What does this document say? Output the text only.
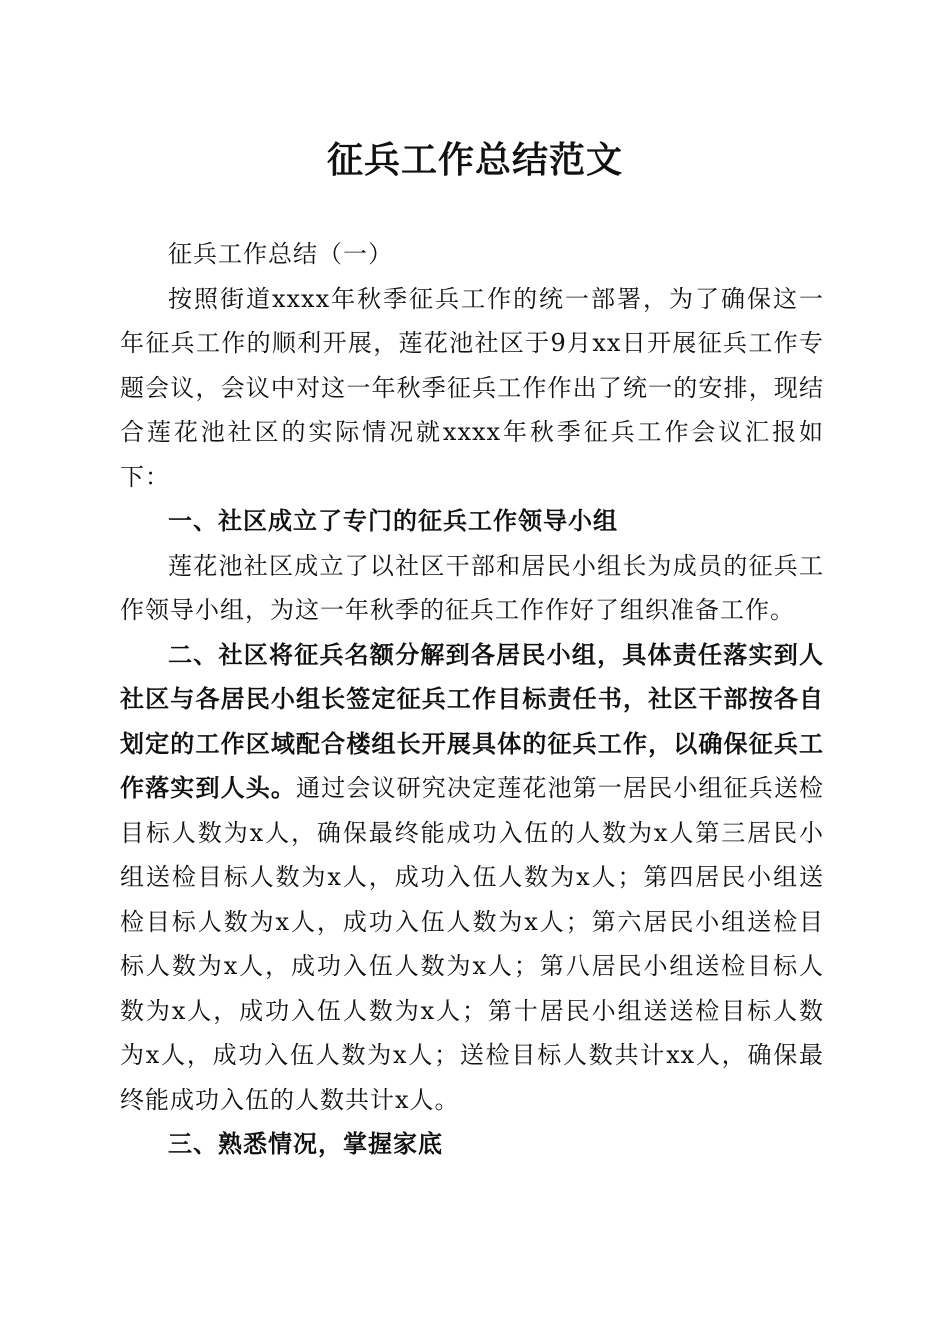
征兵工作总结范文

征兵工作总结（一）

按照街道xxxx年秋季征兵工作的统一部署，为了确保这一年征兵工作的顺利开展，莲花池社区于9月xx日开展征兵工作专题会议，会议中对这一年秋季征兵工作作出了统一的安排，现结合莲花池社区的实际情况就xxxx年秋季征兵工作会议汇报如下：

一、社区成立了专门的征兵工作领导小组

莲花池社区成立了以社区干部和居民小组长为成员的征兵工作领导小组，为这一年秋季的征兵工作作好了组织准备工作。

二、社区将征兵名额分解到各居民小组，具体责任落实到人社区与各居民小组长签定征兵工作目标责任书，社区干部按各自划定的工作区域配合楼组长开展具体的征兵工作，以确保征兵工作落实到人头。通过会议研究决定莲花池第一居民小组征兵送检目标人数为x人，确保最终能成功入伍的人数为x人第三居民小组送检目标人数为x人，成功入伍人数为x人；第四居民小组送检目标人数为x人，成功入伍人数为x人；第六居民小组送检目标人数为x人，成功入伍人数为x人；第八居民小组送检目标人数为x人，成功入伍人数为x人；第十居民小组送送检目标人数为x人，成功入伍人数为x人；送检目标人数共计xx人，确保最终能成功入伍的人数共计x人。

三、熟悉情况，掌握家底
